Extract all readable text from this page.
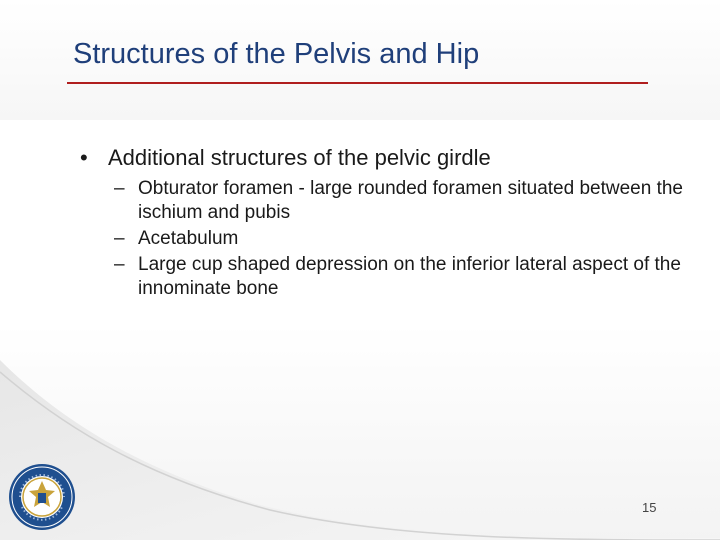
Structures of the Pelvis and Hip
• Additional structures of the pelvic girdle
– Obturator foramen - large rounded foramen situated between the ischium and pubis
– Acetabulum
– Large cup shaped depression on the inferior lateral aspect of the innominate bone
15
